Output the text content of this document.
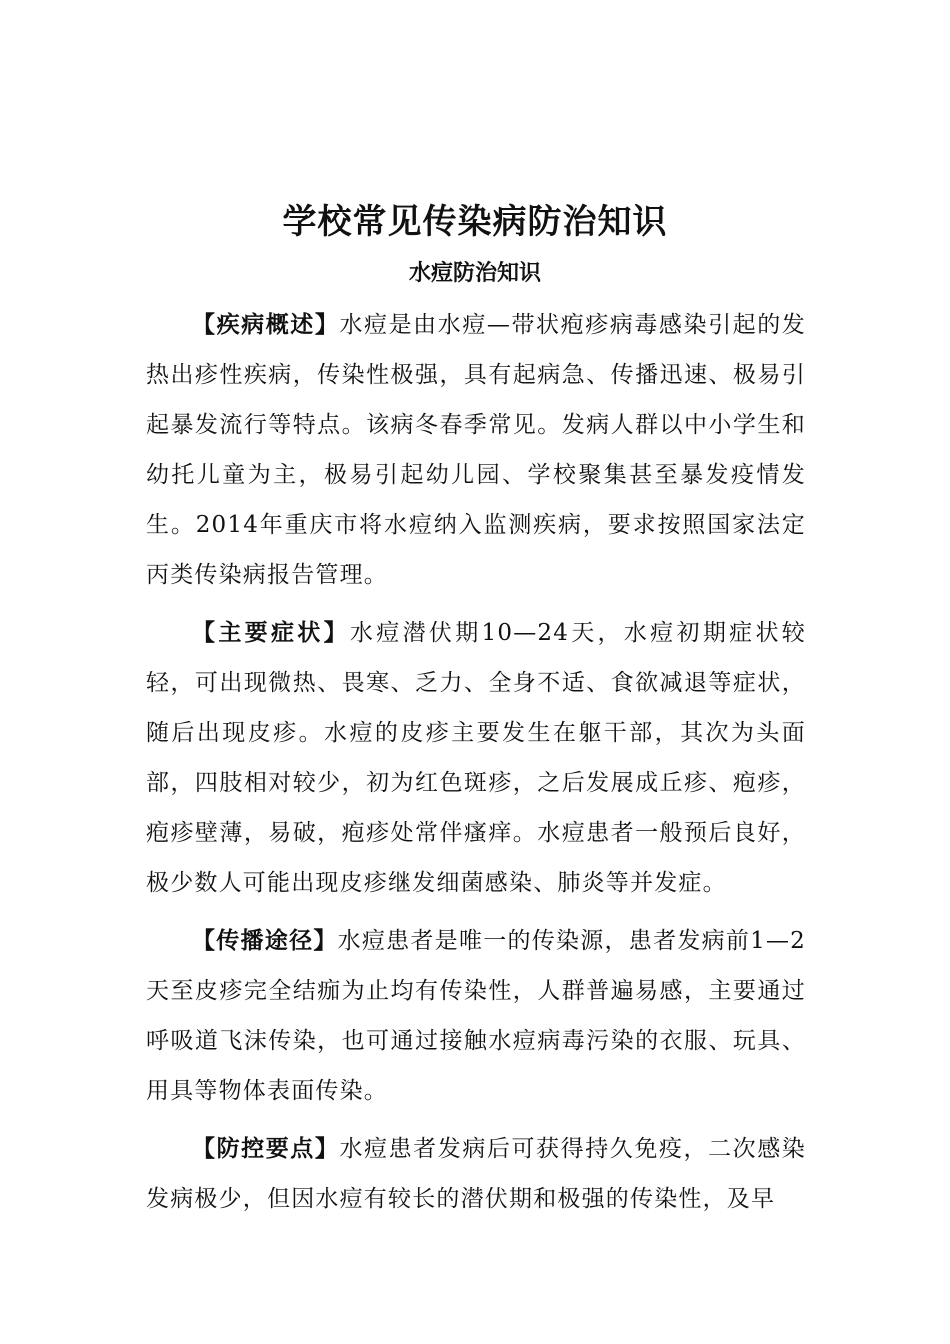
学校常见传染病防治知识
水痘防治知识

【疾病概述】水痘是由水痘—带状疱疹病毒感染引起的发热出疹性疾病，传染性极强，具有起病急、传播迅速、极易引起暴发流行等特点。该病冬春季常见。发病人群以中小学生和幼托儿童为主，极易引起幼儿园、学校聚集甚至暴发疫情发生。2014年重庆市将水痘纳入监测疾病，要求按照国家法定丙类传染病报告管理。

【主要症状】水痘潜伏期10—24天，水痘初期症状较轻，可出现微热、畏寒、乏力、全身不适、食欲减退等症状，随后出现皮疹。水痘的皮疹主要发生在躯干部，其次为头面部，四肢相对较少，初为红色斑疹，之后发展成丘疹、疱疹，疱疹壁薄，易破，疱疹处常伴瘙痒。水痘患者一般预后良好，极少数人可能出现皮疹继发细菌感染、肺炎等并发症。

【传播途径】水痘患者是唯一的传染源，患者发病前1—2天至皮疹完全结痂为止均有传染性，人群普遍易感，主要通过呼吸道飞沫传染，也可通过接触水痘病毒污染的衣服、玩具、用具等物体表面传染。

【防控要点】水痘患者发病后可获得持久免疫，二次感染发病极少，但因水痘有较长的潜伏期和极强的传染性，及早
